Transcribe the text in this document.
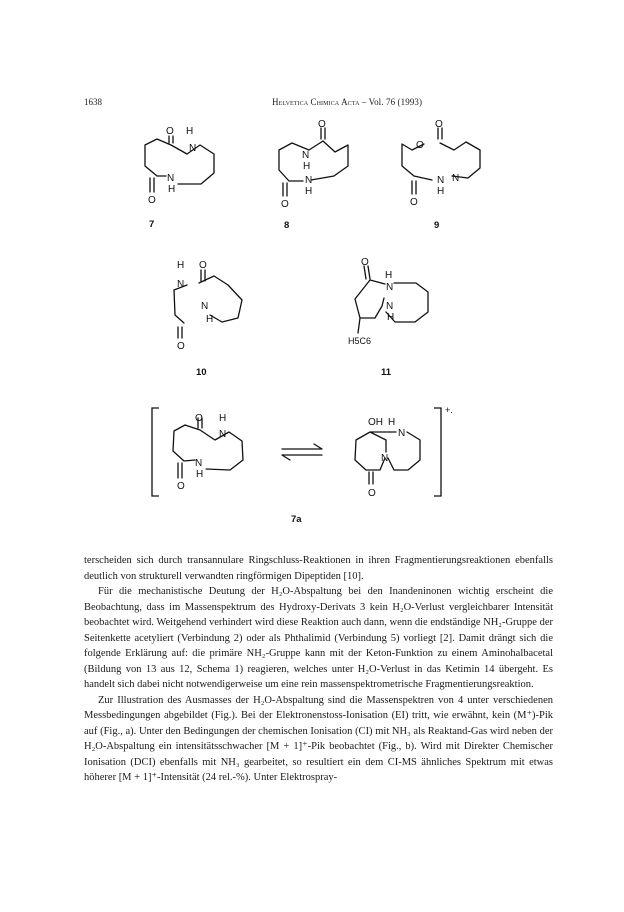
1638	Helvetica Chimica Acta – Vol. 76 (1993)
O H
N
N
H
O
7
O
N
H
N
H
O
8
O
O
N
H
N
O
9
H O
N
N
H
O
10
O
H
N
N
H
H5C6
11
+.
O H
N
N
H
O
OH H
N
N
O
7a

terscheiden sich durch transannulare Ringschluss-Reaktionen in ihren Fragmentierungsreaktionen ebenfalls deutlich von strukturell verwandten ringförmigen Dipeptiden [10].

Für die mechanistische Deutung der H₂O-Abspaltung bei den Inandeninonen wichtig erscheint die Beobachtung, dass im Massenspektrum des Hydroxy-Derivats 3 kein H₂O-Verlust vergleichbarer Intensität beobachtet wird. Weitgehend verhindert wird diese Reaktion auch dann, wenn die endständige NH₂-Gruppe der Seitenkette acetyliert (Verbindung 2) oder als Phthalimid (Verbindung 5) vorliegt [2]. Damit drängt sich die folgende Erklärung auf: die primäre NH₂-Gruppe kann mit der Keton-Funktion zu einem Aminohalbacetal (Bildung von 13 aus 12, Schema 1) reagieren, welches unter H₂O-Verlust in das Ketimin 14 übergeht. Es handelt sich dabei nicht notwendigerweise um eine rein massenspektrometrische Fragmentierungsreaktion.

Zur Illustration des Ausmasses der H₂O-Abspaltung sind die Massenspektren von 4 unter verschiedenen Messbedingungen abgebildet (Fig.). Bei der Elektronenstoss-Ionisation (EI) tritt, wie erwähnt, kein (M⁺)-Pik auf (Fig., a). Unter den Bedingungen der chemischen Ionisation (CI) mit NH₃ als Reaktand-Gas wird neben der H₂O-Abspaltung ein intensitätsschwacher [M + 1]⁺-Pik beobachtet (Fig., b). Wird mit Direkter Chemischer Ionisation (DCI) ebenfalls mit NH₃ gearbeitet, so resultiert ein dem CI-MS ähnliches Spektrum mit etwas höherer [M + 1]⁺-Intensität (24 rel.-%). Unter Elektrospray-
